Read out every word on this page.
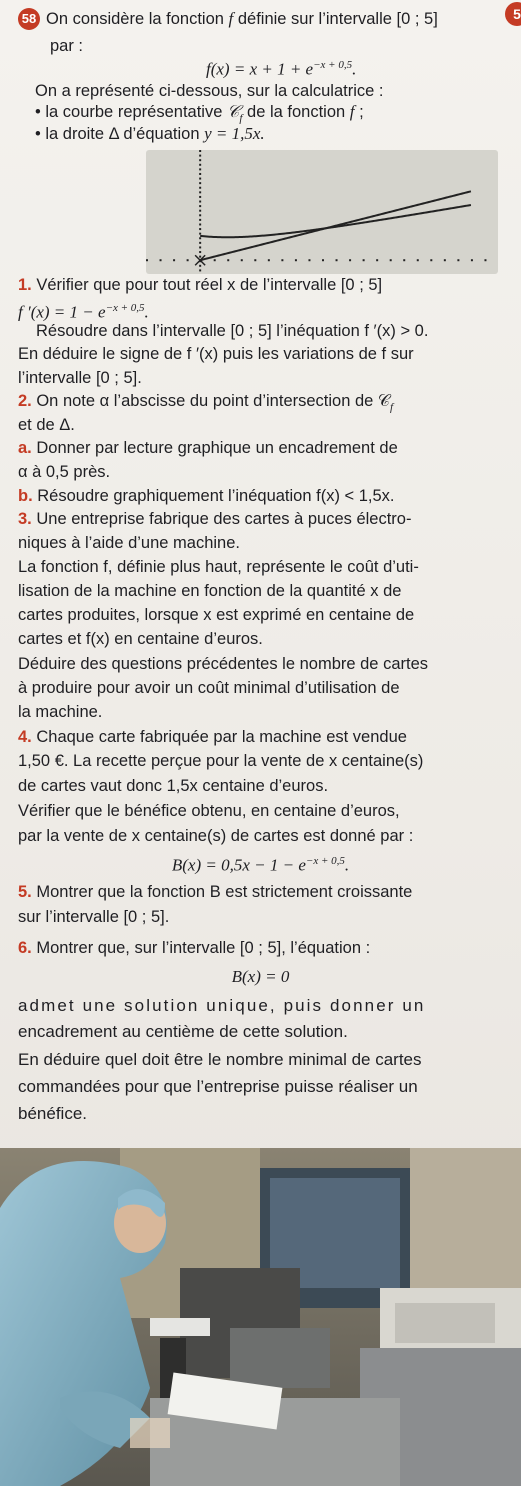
5
58 On considère la fonction f définie sur l’intervalle [0 ; 5]
par :
$f(x) = x + 1 + e^{-x + 0,5}$.
On a représenté ci-dessous, sur la calculatrice :
• la courbe représentative 𝒞$_f$ de la fonction f ;
• la droite Δ d’équation y = 1,5x.
1. Vérifier que pour tout réel x de l’intervalle [0 ; 5]
f $'(x) = 1 - e^{-x + 0,5}$.
Résoudre dans l’intervalle [0 ; 5] l’inéquation f ′(x) > 0.
En déduire le signe de f ′(x) puis les variations de f sur
l’intervalle [0 ; 5].
2. On note α l’abscisse du point d’intersection de 𝒞$_f$
et de Δ.
a. Donner par lecture graphique un encadrement de
α à 0,5 près.
b. Résoudre graphiquement l’inéquation f(x) < 1,5x.
3. Une entreprise fabrique des cartes à puces électro-
niques à l’aide d’une machine.
La fonction f, définie plus haut, représente le coût d’uti-
lisation de la machine en fonction de la quantité x de
cartes produites, lorsque x est exprimé en centaine de
cartes et f(x) en centaine d’euros.
Déduire des questions précédentes le nombre de cartes
à produire pour avoir un coût minimal d’utilisation de
la machine.
4. Chaque carte fabriquée par la machine est vendue
1,50 €. La recette perçue pour la vente de x centaine(s)
de cartes vaut donc 1,5x centaine d’euros.
Vérifier que le bénéfice obtenu, en centaine d’euros,
par la vente de x centaine(s) de cartes est donné par :
$B(x) = 0,5x - 1 - e^{-x + 0,5}$.
5. Montrer que la fonction B est strictement croissante
sur l’intervalle [0 ; 5].
6. Montrer que, sur l’intervalle [0 ; 5], l’équation :
B(x) = 0
admet une solution unique, puis donner un
encadrement au centième de cette solution.
En déduire quel doit être le nombre minimal de cartes
commandées pour que l’entreprise puisse réaliser un
bénéfice.
